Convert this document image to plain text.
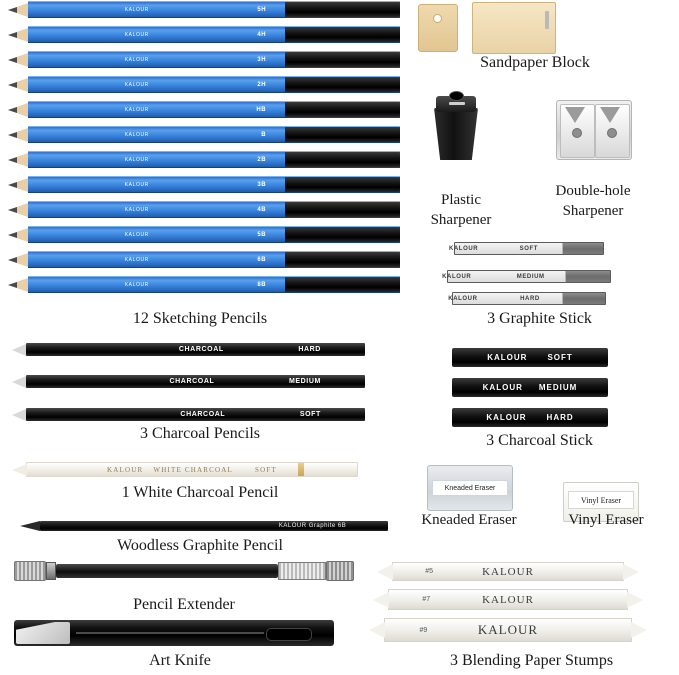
KALOUR	5H
KALOUR	4H
KALOUR	3H
KALOUR	2H
KALOUR	HB
KALOUR	B
KALOUR	2B
KALOUR	3B
KALOUR	4B
KALOUR	5B
KALOUR	6B
KALOUR	8B
12 Sketching Pencils
CHARCOAL	HARD
CHARCOAL	MEDIUM
CHARCOAL	SOFT
3 Charcoal Pencils
KALOUR WHITE CHARCOAL	SOFT
1 White Charcoal Pencil
KALOUR Graphite 6B
Woodless Graphite Pencil
Pencil Extender
Art Knife
Sandpaper Block
Plastic
Sharpener
Double-hole
Sharpener
KALOUR	SOFT
KALOUR	MEDIUM
KALOUR	HARD
3 Graphite Stick
KALOUR	SOFT
KALOUR MEDIUM
KALOUR	HARD
3 Charcoal Stick
Kneaded Eraser
Kneaded Eraser
Vinyl Eraser
Vinyl Eraser
#5	KALOUR
#7	KALOUR
#9	KALOUR
3 Blending Paper Stumps
